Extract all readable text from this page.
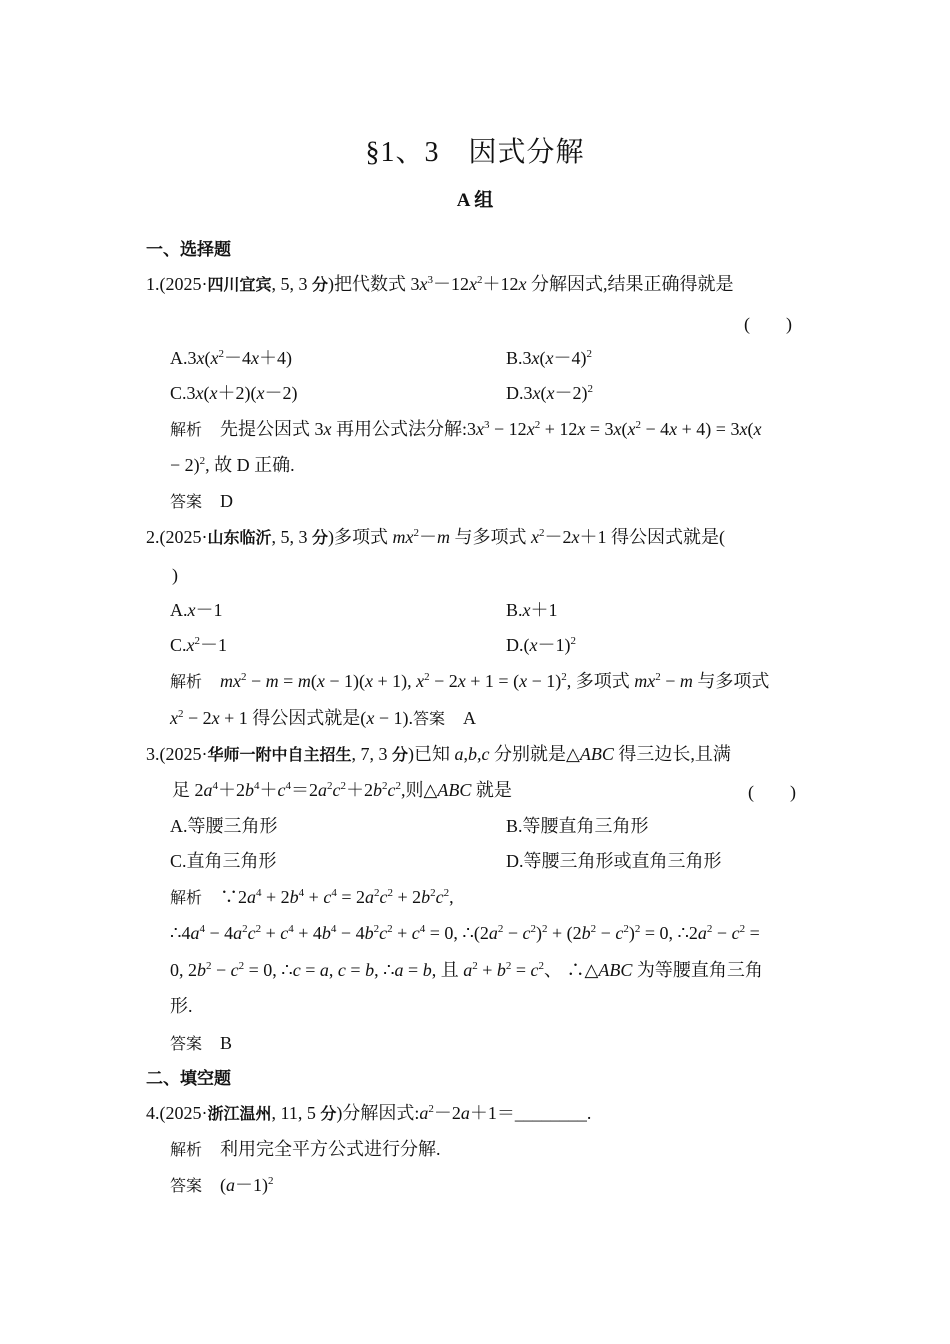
§1、3　因式分解
A 组
一、选择题
1.(2025·四川宜宾, 5, 3 分)把代数式 $3x^3-12x^2+12x$ 分解因式,结果正确得就是
(　　)
$A.3x(x^2-4x+4)$	$B.3x(x-4)^2$
C.3x(x＋2)(x－2)	$D.3x(x-2)^2$
解析　先提公因式 3x 再用公式法分解$:3x^3 - 12x^2 + 12x = 3x(x^2 - 4x + 4) = 3x(x$
− 2)$^2$, 故 D 正确.
答案　 D
2.(2025·山东临沂, 5, 3 分)多项式 $mx^2-m$ 与多项式 $x^2-2x+1$ 得公因式就是(
)
A.x－1	B.x＋1
$C.x^2-1$	$D.(x-1)^2$
解析　 $mx^2 - m = m(x - 1)(x + 1)$, $x^2 - 2x + 1 = (x - 1)^2$, 多项式 $mx^2 - m$ 与多项式
$x^2 - 2x + 1$ 得公因式就是(x − 1).答案　 A
3.(2025·华师一附中自主招生, 7, 3 分)已知 a,b,c 分别就是△ABC 得三边长,且满
足 $2a^4+2b^4+c^4=2a^2c^2+2b^2c^2$,则△ABC 就是	(　　)
A.等腰三角形	B.等腰直角三角形
C.直角三角形	D.等腰三角形或直角三角形
解析　$\because 2a^4 + 2b^4 + c^4 = 2a^2c^2 + 2b^2c^2$,
$\therefore 4a^4 - 4a^2c^2 + c^4 + 4b^4 - 4b^2c^2 + c^4 = 0$, $\therefore(2a^2 - c^2)^2 + (2b^2 - c^2)^2 = 0$, $\therefore 2a^2 - c^2$ =
0, $2b^2 - c^2 = 0$, ∴c = a, c = b, ∴a = b, 且 $a^2 + b^2 = c^2$、 ∴△ABC 为等腰直角三角
形.
答案　 B
二、填空题
4.(2025·浙江温州, 11, 5 分)分解因式$:a^2-2a+1=\_\_\_\_\_\_\_\_$.
解析　 利用完全平方公式进行分解.
答案　$(a-1)^2$
